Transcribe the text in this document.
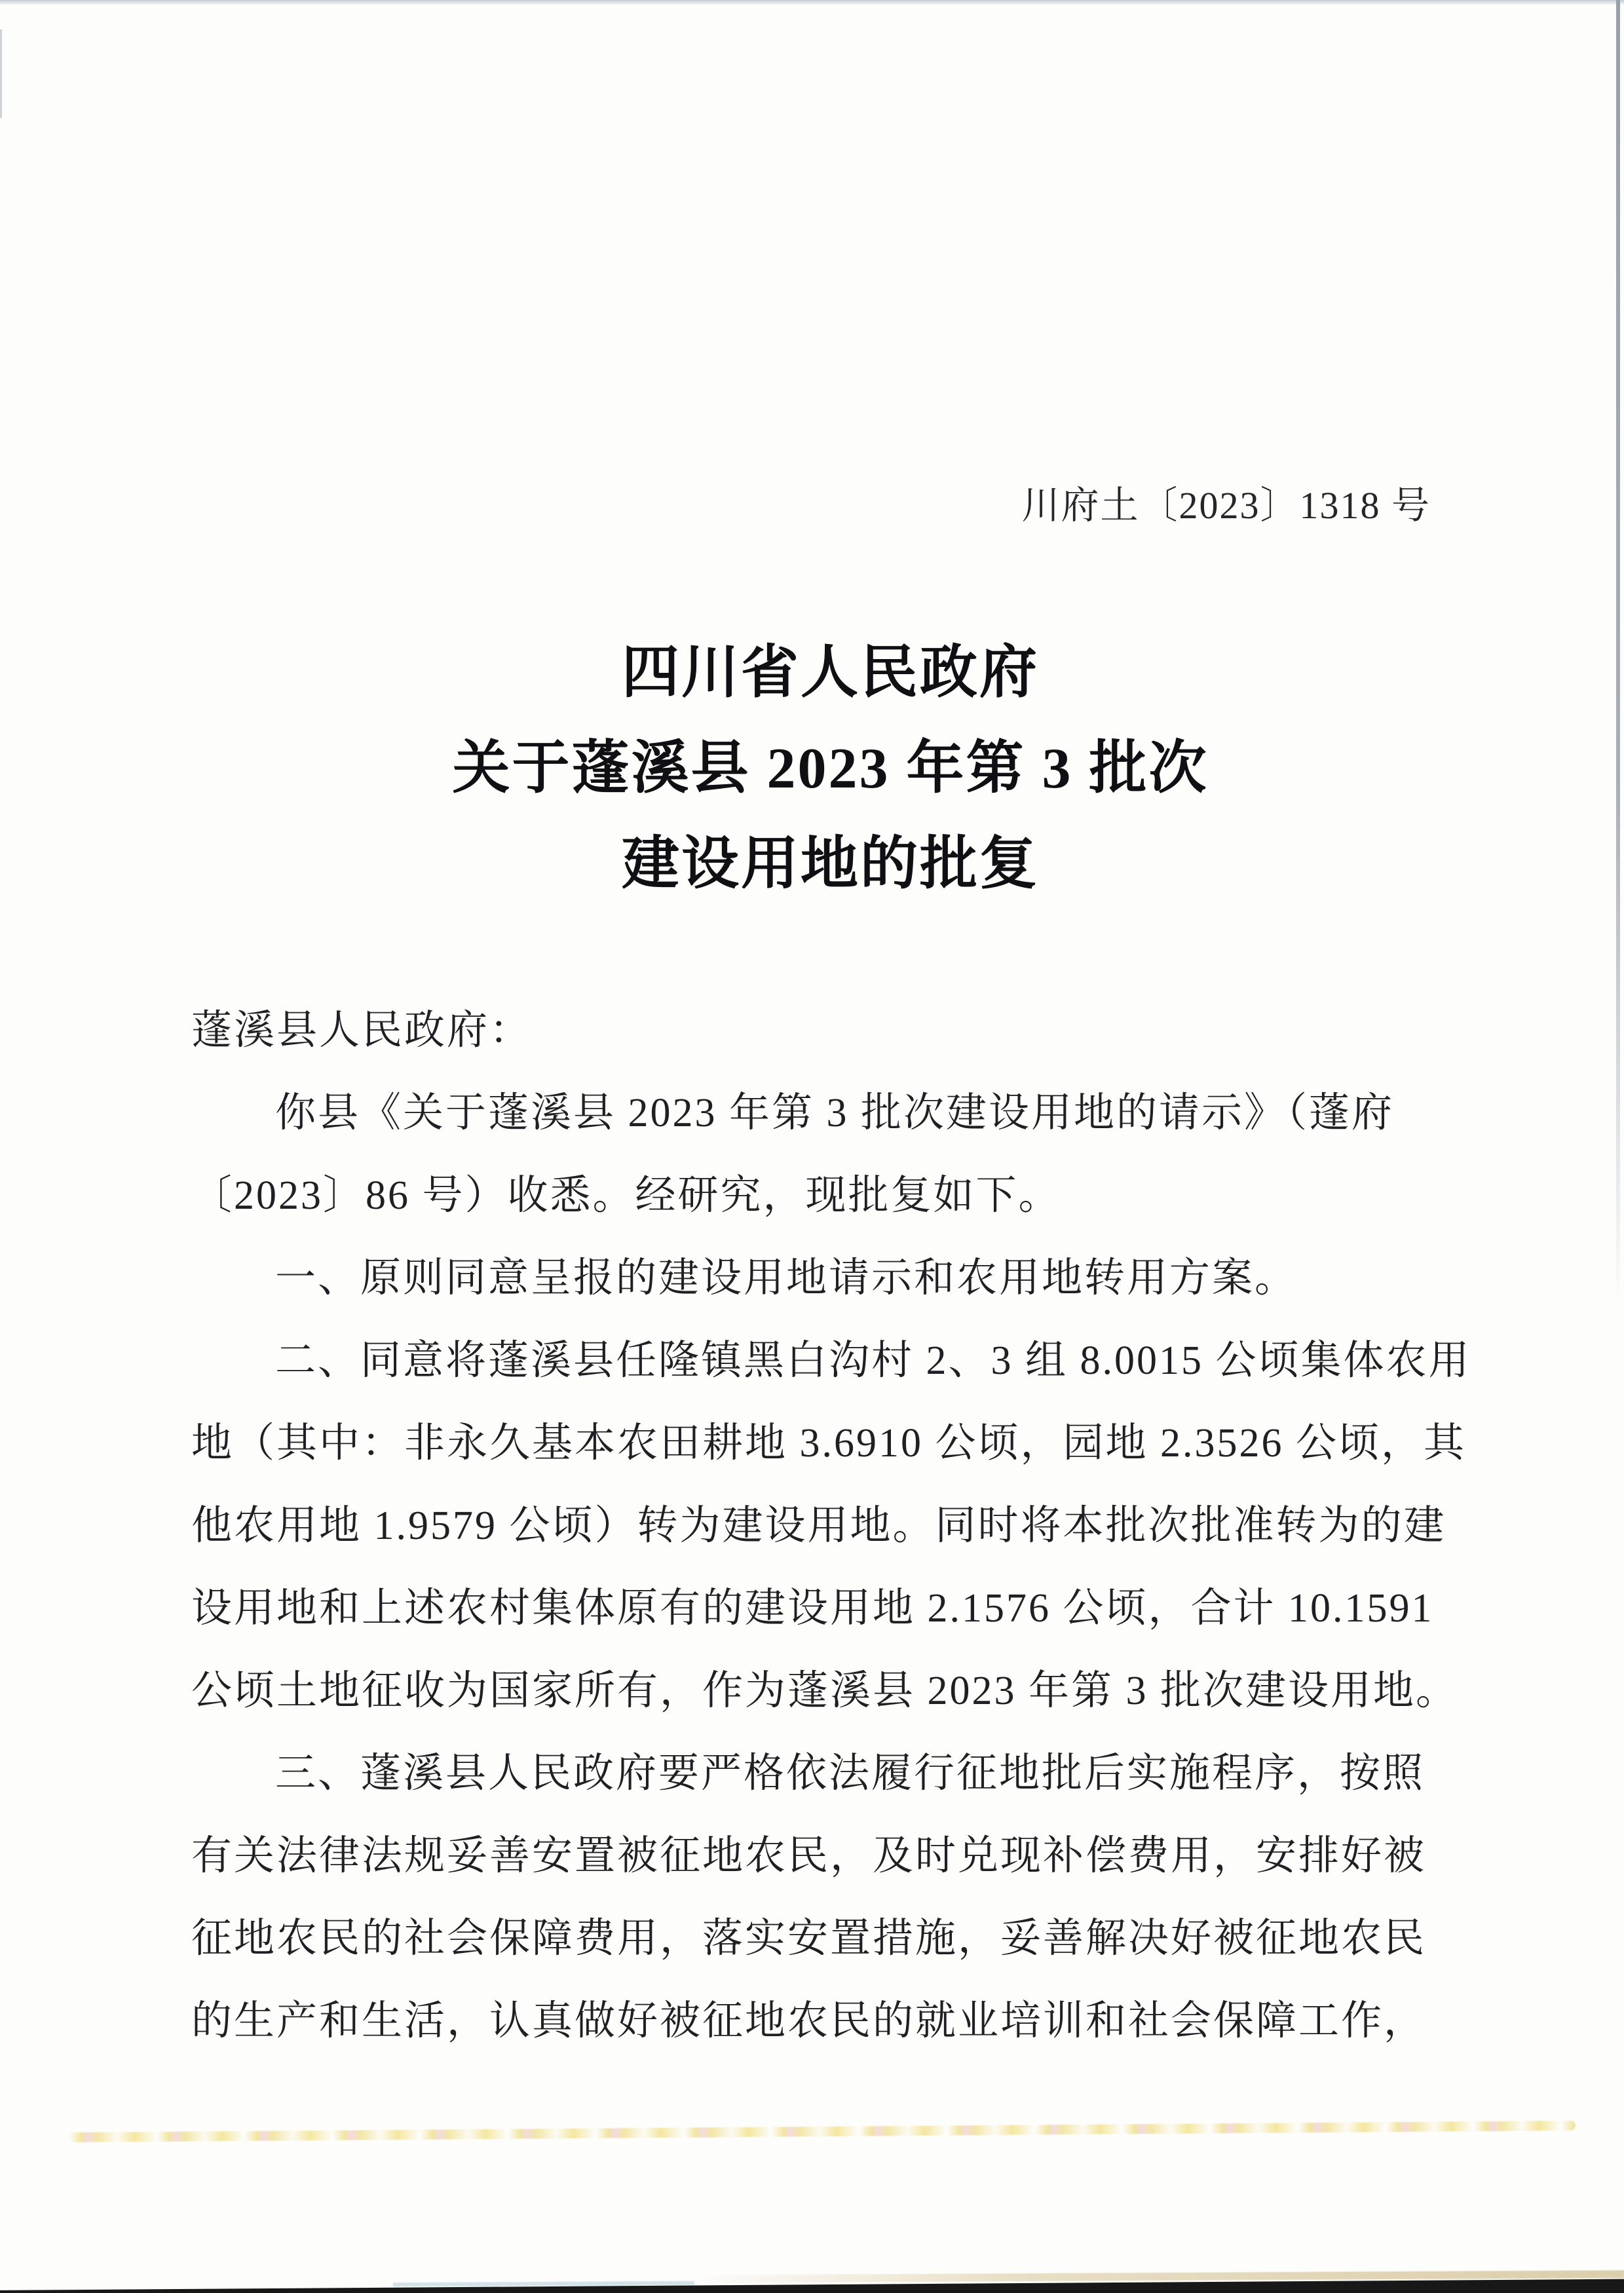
川府土〔2023〕1318 号
四川省人民政府
关于蓬溪县 2023 年第 3 批次
建设用地的批复
蓬溪县人民政府：
你县《关于蓬溪县 2023 年第 3 批次建设用地的请示》（蓬府
〔2023〕86 号）收悉。经研究，现批复如下。
一、原则同意呈报的建设用地请示和农用地转用方案。
二、同意将蓬溪县任隆镇黑白沟村 2、3 组 8.0015 公顷集体农用
地（其中：非永久基本农田耕地 3.6910 公顷，园地 2.3526 公顷，其
他农用地 1.9579 公顷）转为建设用地。同时将本批次批准转为的建
设用地和上述农村集体原有的建设用地 2.1576 公顷，合计 10.1591
公顷土地征收为国家所有，作为蓬溪县 2023 年第 3 批次建设用地。
三、蓬溪县人民政府要严格依法履行征地批后实施程序，按照
有关法律法规妥善安置被征地农民，及时兑现补偿费用，安排好被
征地农民的社会保障费用，落实安置措施，妥善解决好被征地农民
的生产和生活，认真做好被征地农民的就业培训和社会保障工作，
